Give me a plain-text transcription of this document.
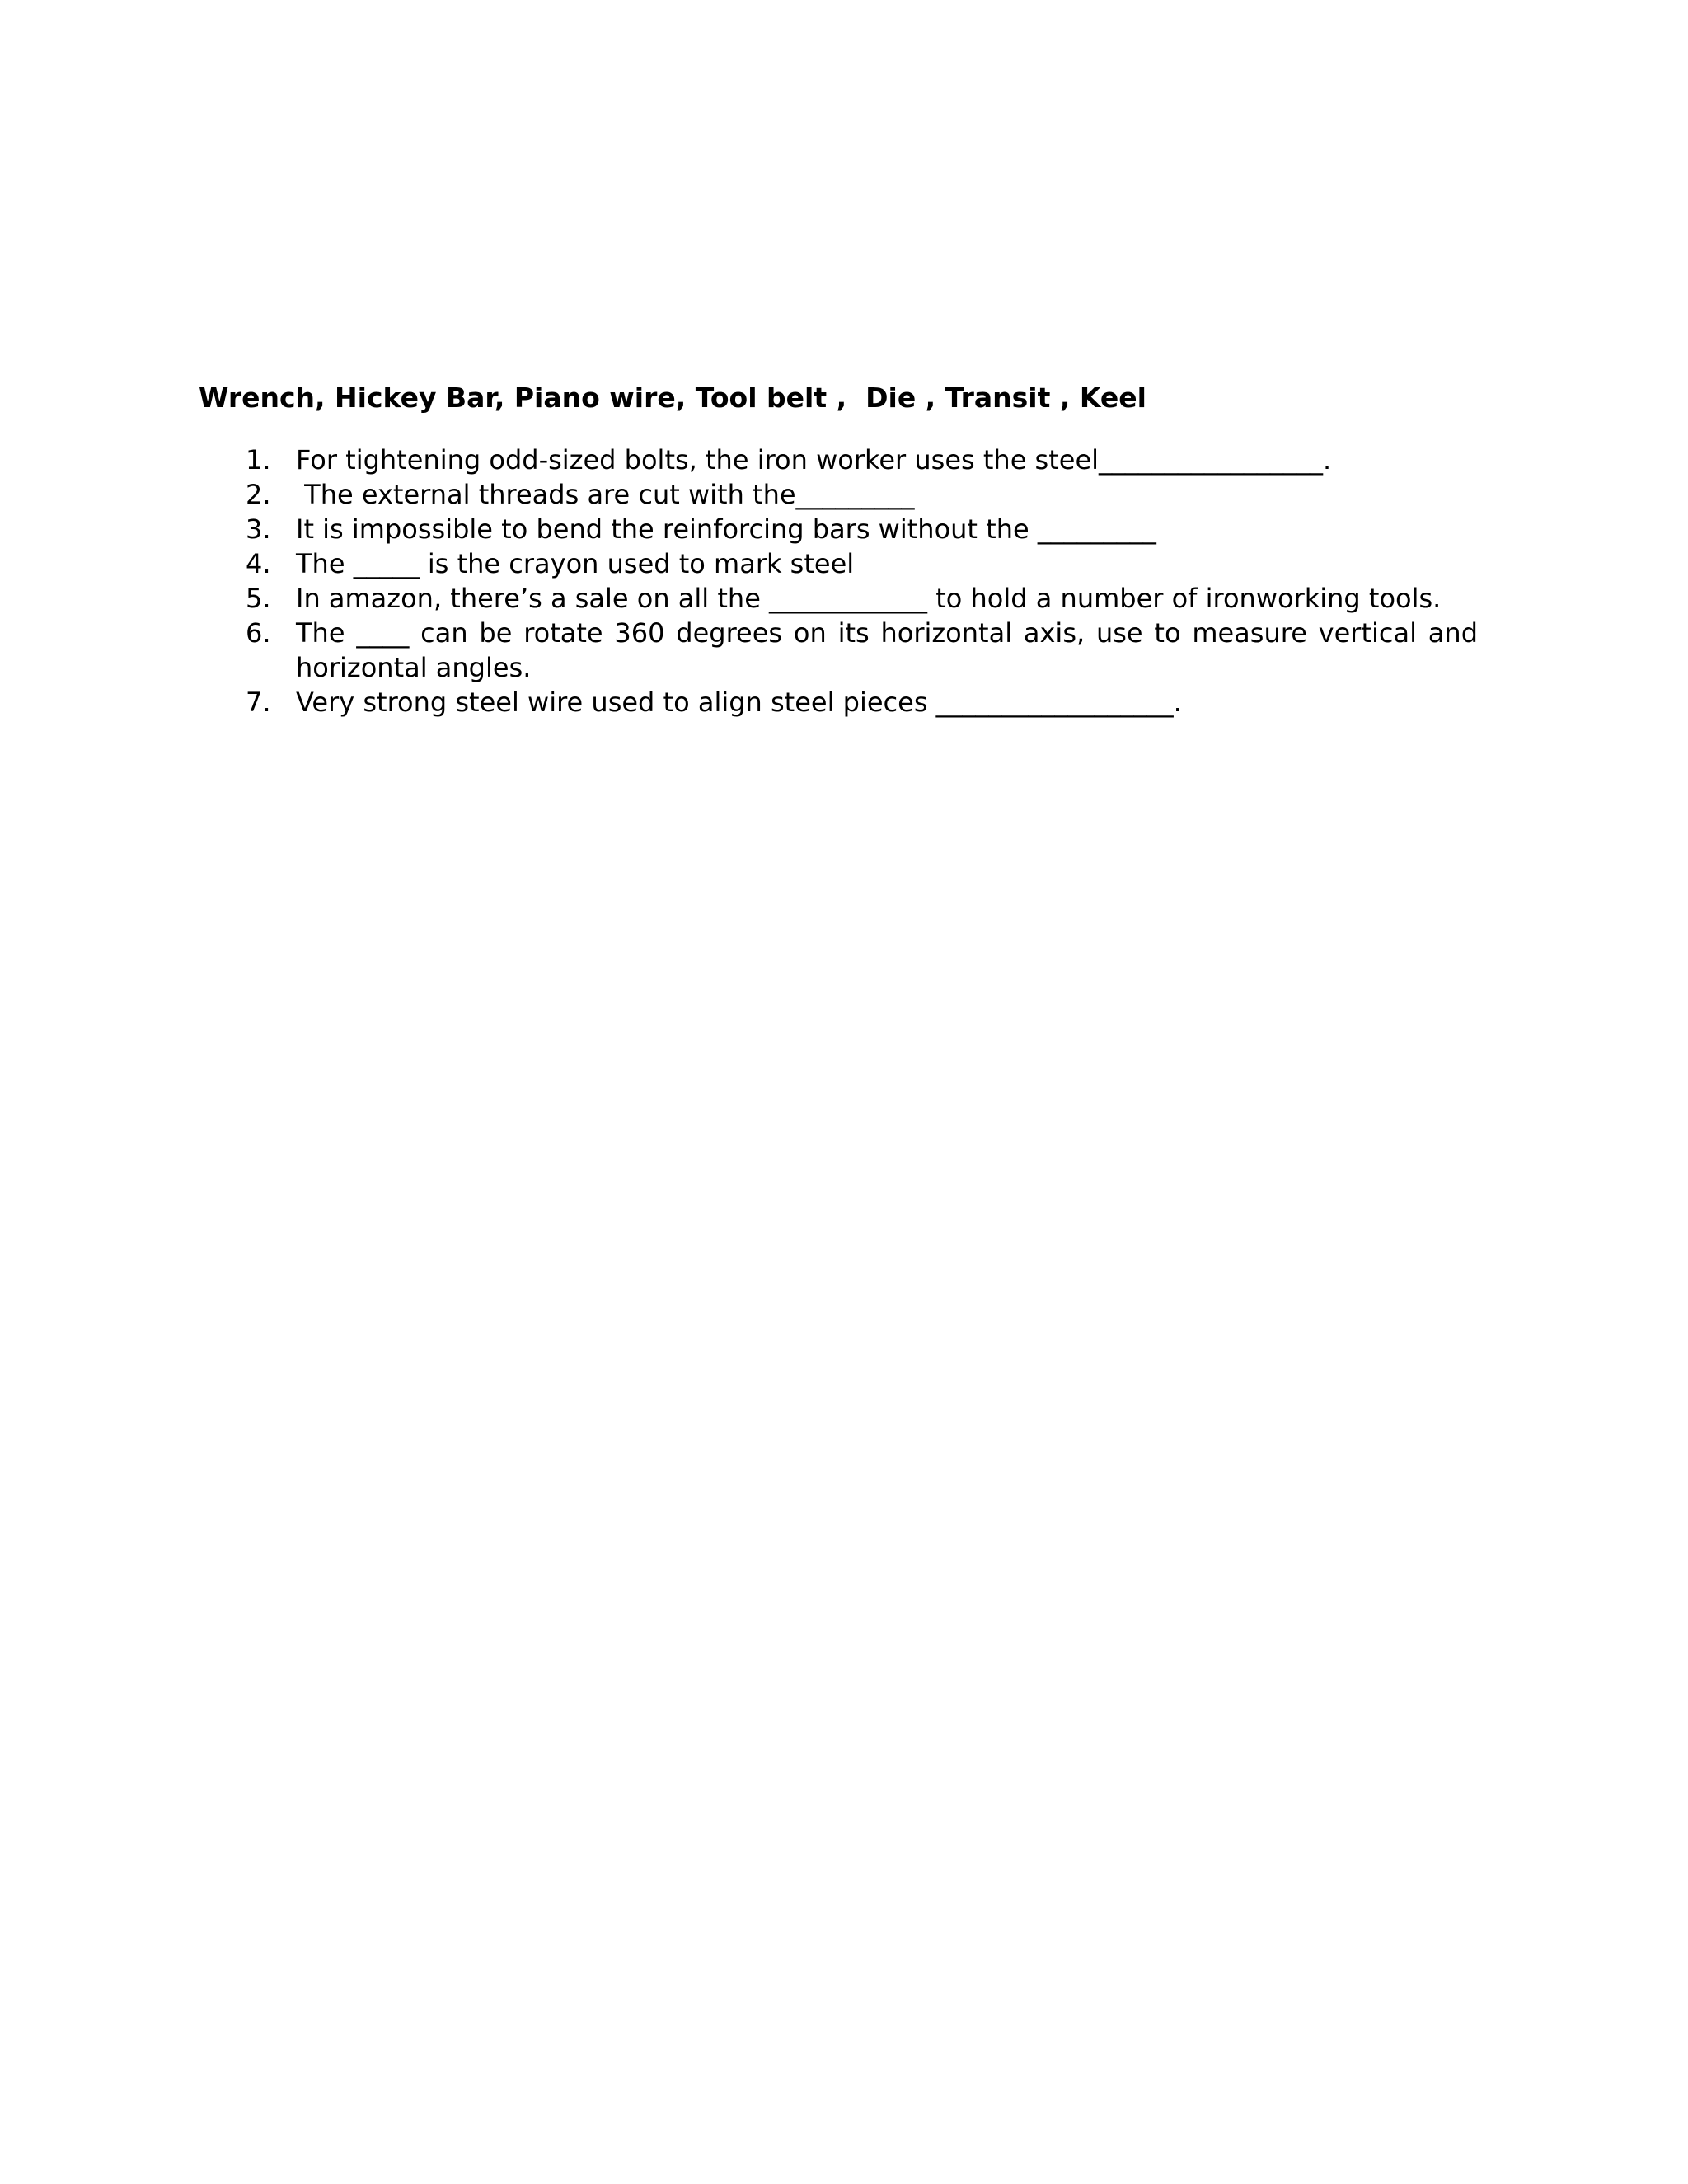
Wrench, Hickey Bar, Piano wire, Tool belt ,  Die , Transit , Keel

1. For tightening odd-sized bolts, the iron worker uses the steel_________________.
2. The external threads are cut with the_________
3. It is impossible to bend the reinforcing bars without the _________
4. The _____ is the crayon used to mark steel
5. In amazon, there’s a sale on all the ____________ to hold a number of ironworking tools.
6. The ____ can be rotate 360 degrees on its horizontal axis, use to measure vertical and horizontal angles.
7. Very strong steel wire used to align steel pieces __________________.
